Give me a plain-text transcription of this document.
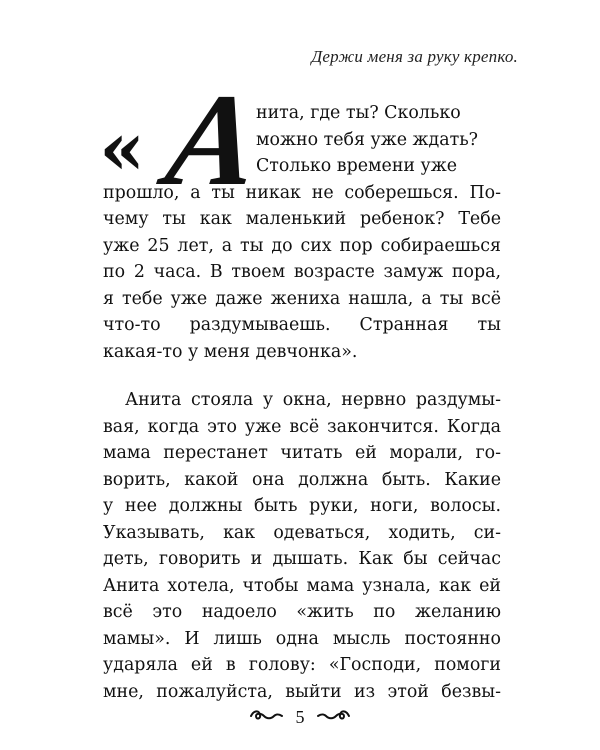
Держи меня за руку крепко.
« А
нита, где ты? Сколько
можно тебя уже ждать?
Столько времени уже
прошло, а ты никак не соберешься. По-
чему ты как маленький ребенок? Тебе
уже 25 лет, а ты до сих пор собираешься
по 2 часа. В твоем возрасте замуж пора,
я тебе уже даже жениха нашла, а ты всё
что-то раздумываешь. Странная ты
какая-то у меня девчонка».
Анита стояла у окна, нервно раздумы-
вая, когда это уже всё закончится. Когда
мама перестанет читать ей морали, го-
ворить, какой она должна быть. Какие
у нее должны быть руки, ноги, волосы.
Указывать, как одеваться, ходить, си-
деть, говорить и дышать. Как бы сейчас
Анита хотела, чтобы мама узнала, как ей
всё это надоело «жить по желанию
мамы». И лишь одна мысль постоянно
ударяла ей в голову: «Господи, помоги
мне, пожалуйста, выйти из этой безвы-
5
